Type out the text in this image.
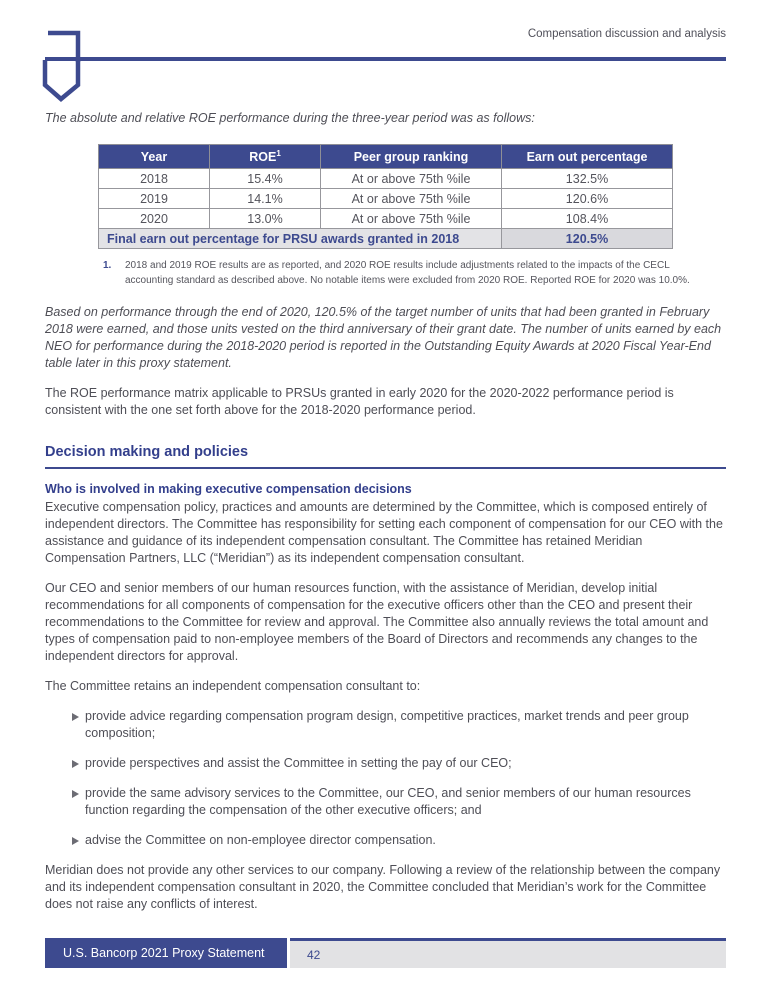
Compensation discussion and analysis

The absolute and relative ROE performance during the three-year period was as follows:

Year	ROE$^1$	Peer group ranking	Earn out percentage
2018	15.4%	At or above 75th %ile	132.5%
2019	14.1%	At or above 75th %ile	120.6%
2020	13.0%	At or above 75th %ile	108.4%
Final earn out percentage for PRSU awards granted in 2018			120.5%
1.	2018 and 2019 ROE results are as reported, and 2020 ROE results include adjustments related to the impacts of the CECL accounting standard as described above. No notable items were excluded from 2020 ROE. Reported ROE for 2020 was 10.0%.

Based on performance through the end of 2020, 120.5% of the target number of units that had been granted in February 2018 were earned, and those units vested on the third anniversary of their grant date. The number of units earned by each NEO for performance during the 2018-2020 period is reported in the Outstanding Equity Awards at 2020 Fiscal Year-End table later in this proxy statement.

The ROE performance matrix applicable to PRSUs granted in early 2020 for the 2020-2022 performance period is consistent with the one set forth above for the 2018-2020 performance period.

Decision making and policies
Who is involved in making executive compensation decisions

Executive compensation policy, practices and amounts are determined by the Committee, which is composed entirely of independent directors. The Committee has responsibility for setting each component of compensation for our CEO with the assistance and guidance of its independent compensation consultant. The Committee has retained Meridian Compensation Partners, LLC (“Meridian”) as its independent compensation consultant.

Our CEO and senior members of our human resources function, with the assistance of Meridian, develop initial recommendations for all components of compensation for the executive officers other than the CEO and present their recommendations to the Committee for review and approval. The Committee also annually reviews the total amount and types of compensation paid to non-employee members of the Board of Directors and recommends any changes to the independent directors for approval.

The Committee retains an independent compensation consultant to:

provide advice regarding compensation program design, competitive practices, market trends and peer group composition;
provide perspectives and assist the Committee in setting the pay of our CEO;
provide the same advisory services to the Committee, our CEO, and senior members of our human resources function regarding the compensation of the other executive officers; and
advise the Committee on non-employee director compensation.

Meridian does not provide any other services to our company. Following a review of the relationship between the company and its independent compensation consultant in 2020, the Committee concluded that Meridian’s work for the Committee does not raise any conflicts of interest.

U.S. Bancorp 2021 Proxy Statement	42
